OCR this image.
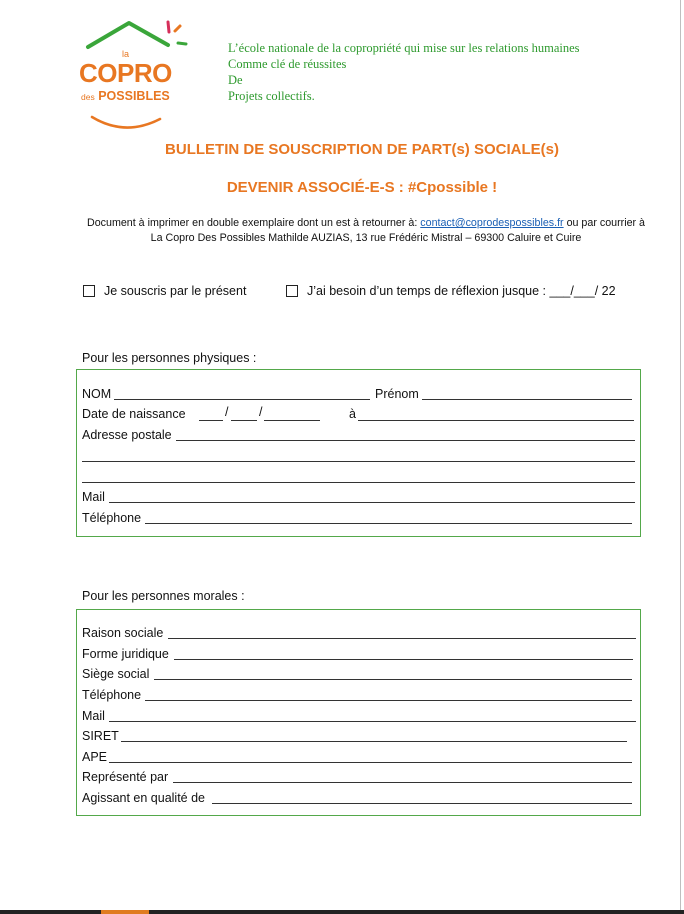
la
COPRO
des POSSIBLES
L’école nationale de la copropriété qui mise sur les relations humaines
Comme clé de réussites
De
Projets collectifs.
BULLETIN DE SOUSCRIPTION DE PART(s) SOCIALE(s)
DEVENIR ASSOCIÉ-E-S : #Cpossible !
Document à imprimer en double exemplaire dont un est à retourner à: contact@coprodespossibles.fr ou par courrier à La Copro Des Possibles Mathilde AUZIAS, 13 rue Frédéric Mistral – 69300 Caluire et Cuire
Je souscris par le présent	J’ai besoin d’un temps de réflexion jusque : ___/___/ 22
Pour les personnes physiques :
NOM	Prénom
Date de naissance	/ /	à
Adresse postale
Mail
Téléphone
Pour les personnes morales :
Raison sociale
Forme juridique
Siège social
Téléphone
Mail
SIRET
APE
Représenté par
Agissant en qualité de
